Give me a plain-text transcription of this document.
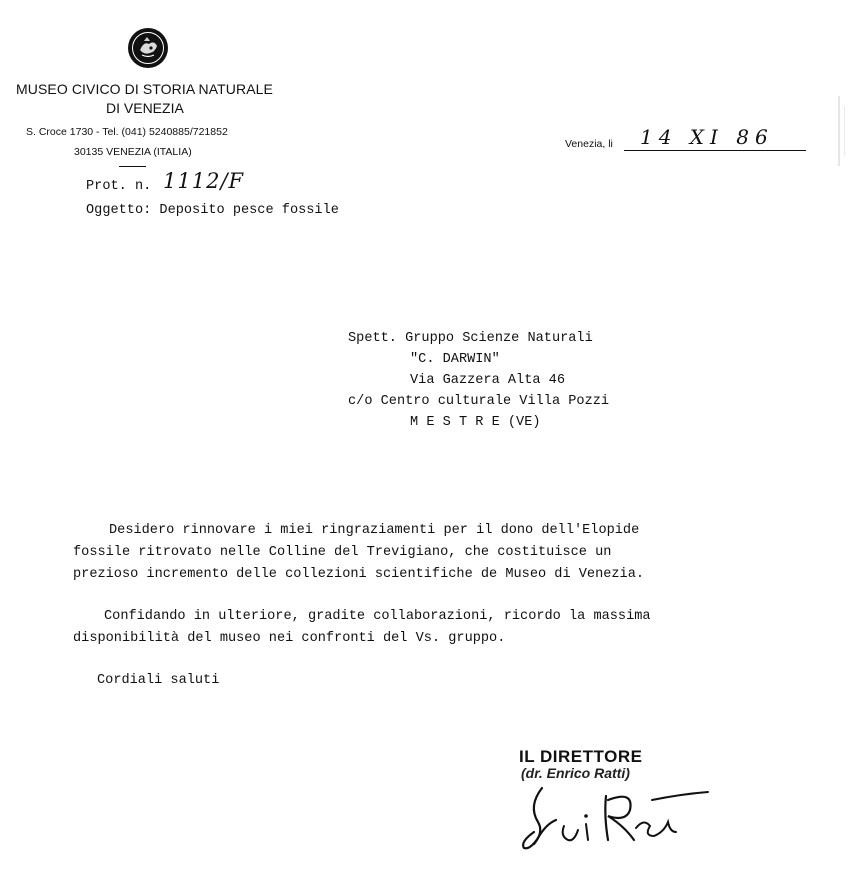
MUSEO CIVICO DI STORIA NATURALE
DI VENEZIA
S. Croce 1730 - Tel. (041) 5240885/721852
30135 VENEZIA (ITALIA)
Prot. n. 1112/F
Oggetto: Deposito pesce fossile
Venezia, li 14 XI 86
Spett. Gruppo Scienze Naturali
"C. DARWIN"
Via Gazzera Alta 46
c/o Centro culturale Villa Pozzi
M E S T R E (VE)
Desidero rinnovare i miei ringraziamenti per il dono dell'Elopide
fossile ritrovato nelle Colline del Trevigiano, che costituisce un
prezioso incremento delle collezioni scientifiche de Museo di Venezia.
Confidando in ulteriore, gradite collaborazioni, ricordo la massima
disponibilità del museo nei confronti del Vs. gruppo.
Cordiali saluti
IL DIRETTORE
(dr. Enrico Ratti)
